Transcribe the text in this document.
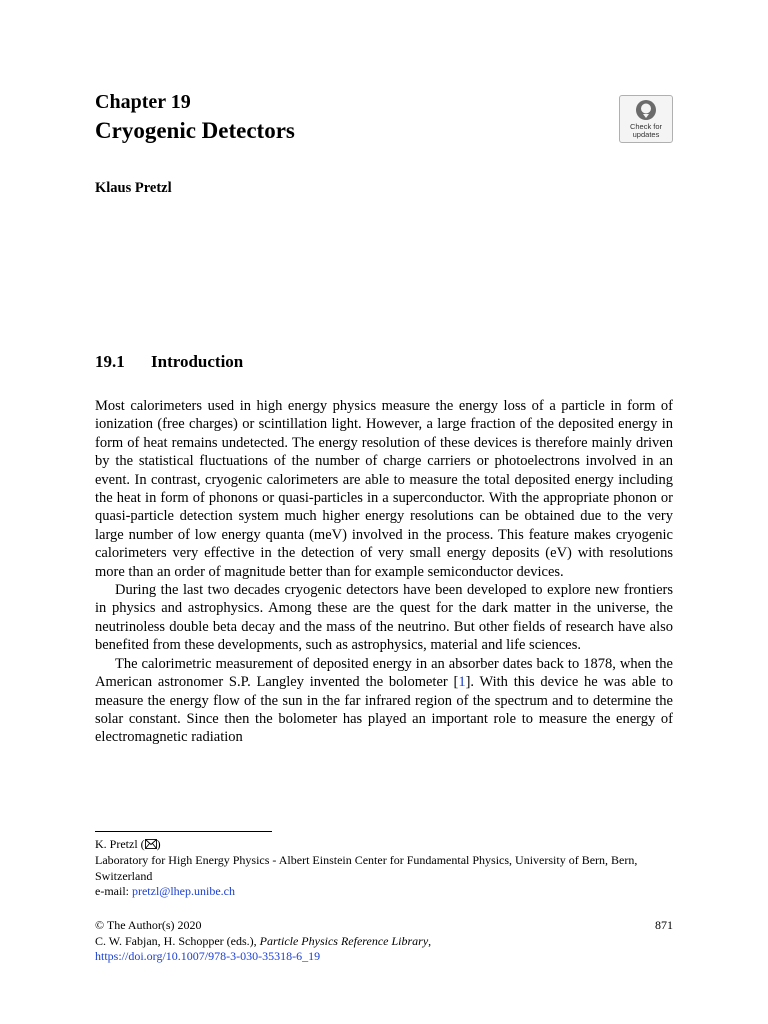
Chapter 19
Cryogenic Detectors	Check for
updates
Klaus Pretzl
19.1 Introduction

Most calorimeters used in high energy physics measure the energy loss of a particle in form of ionization (free charges) or scintillation light. However, a large fraction of the deposited energy in form of heat remains undetected. The energy resolution of these devices is therefore mainly driven by the statistical fluctuations of the number of charge carriers or photoelectrons involved in an event. In contrast, cryogenic calorimeters are able to measure the total deposited energy including the heat in form of phonons or quasi-particles in a superconductor. With the appropriate phonon or quasi-particle detection system much higher energy resolutions can be obtained due to the very large number of low energy quanta (meV) involved in the process. This feature makes cryogenic calorimeters very effective in the detection of very small energy deposits (eV) with resolutions more than an order of magnitude better than for example semiconductor devices.

During the last two decades cryogenic detectors have been developed to explore new frontiers in physics and astrophysics. Among these are the quest for the dark matter in the universe, the neutrinoless double beta decay and the mass of the neutrino. But other fields of research have also benefited from these developments, such as astrophysics, material and life sciences.

The calorimetric measurement of deposited energy in an absorber dates back to 1878, when the American astronomer S.P. Langley invented the bolometer [1]. With this device he was able to measure the energy flow of the sun in the far infrared region of the spectrum and to determine the solar constant. Since then the bolometer has played an important role to measure the energy of electromagnetic radiation

K. Pretzl ( )
Laboratory for High Energy Physics - Albert Einstein Center for Fundamental Physics, University of Bern, Bern, Switzerland
e-mail: pretzl@lhep.unibe.ch
© The Author(s) 2020	871
C. W. Fabjan, H. Schopper (eds.), Particle Physics Reference Library,
https://doi.org/10.1007/978-3-030-35318-6_19
